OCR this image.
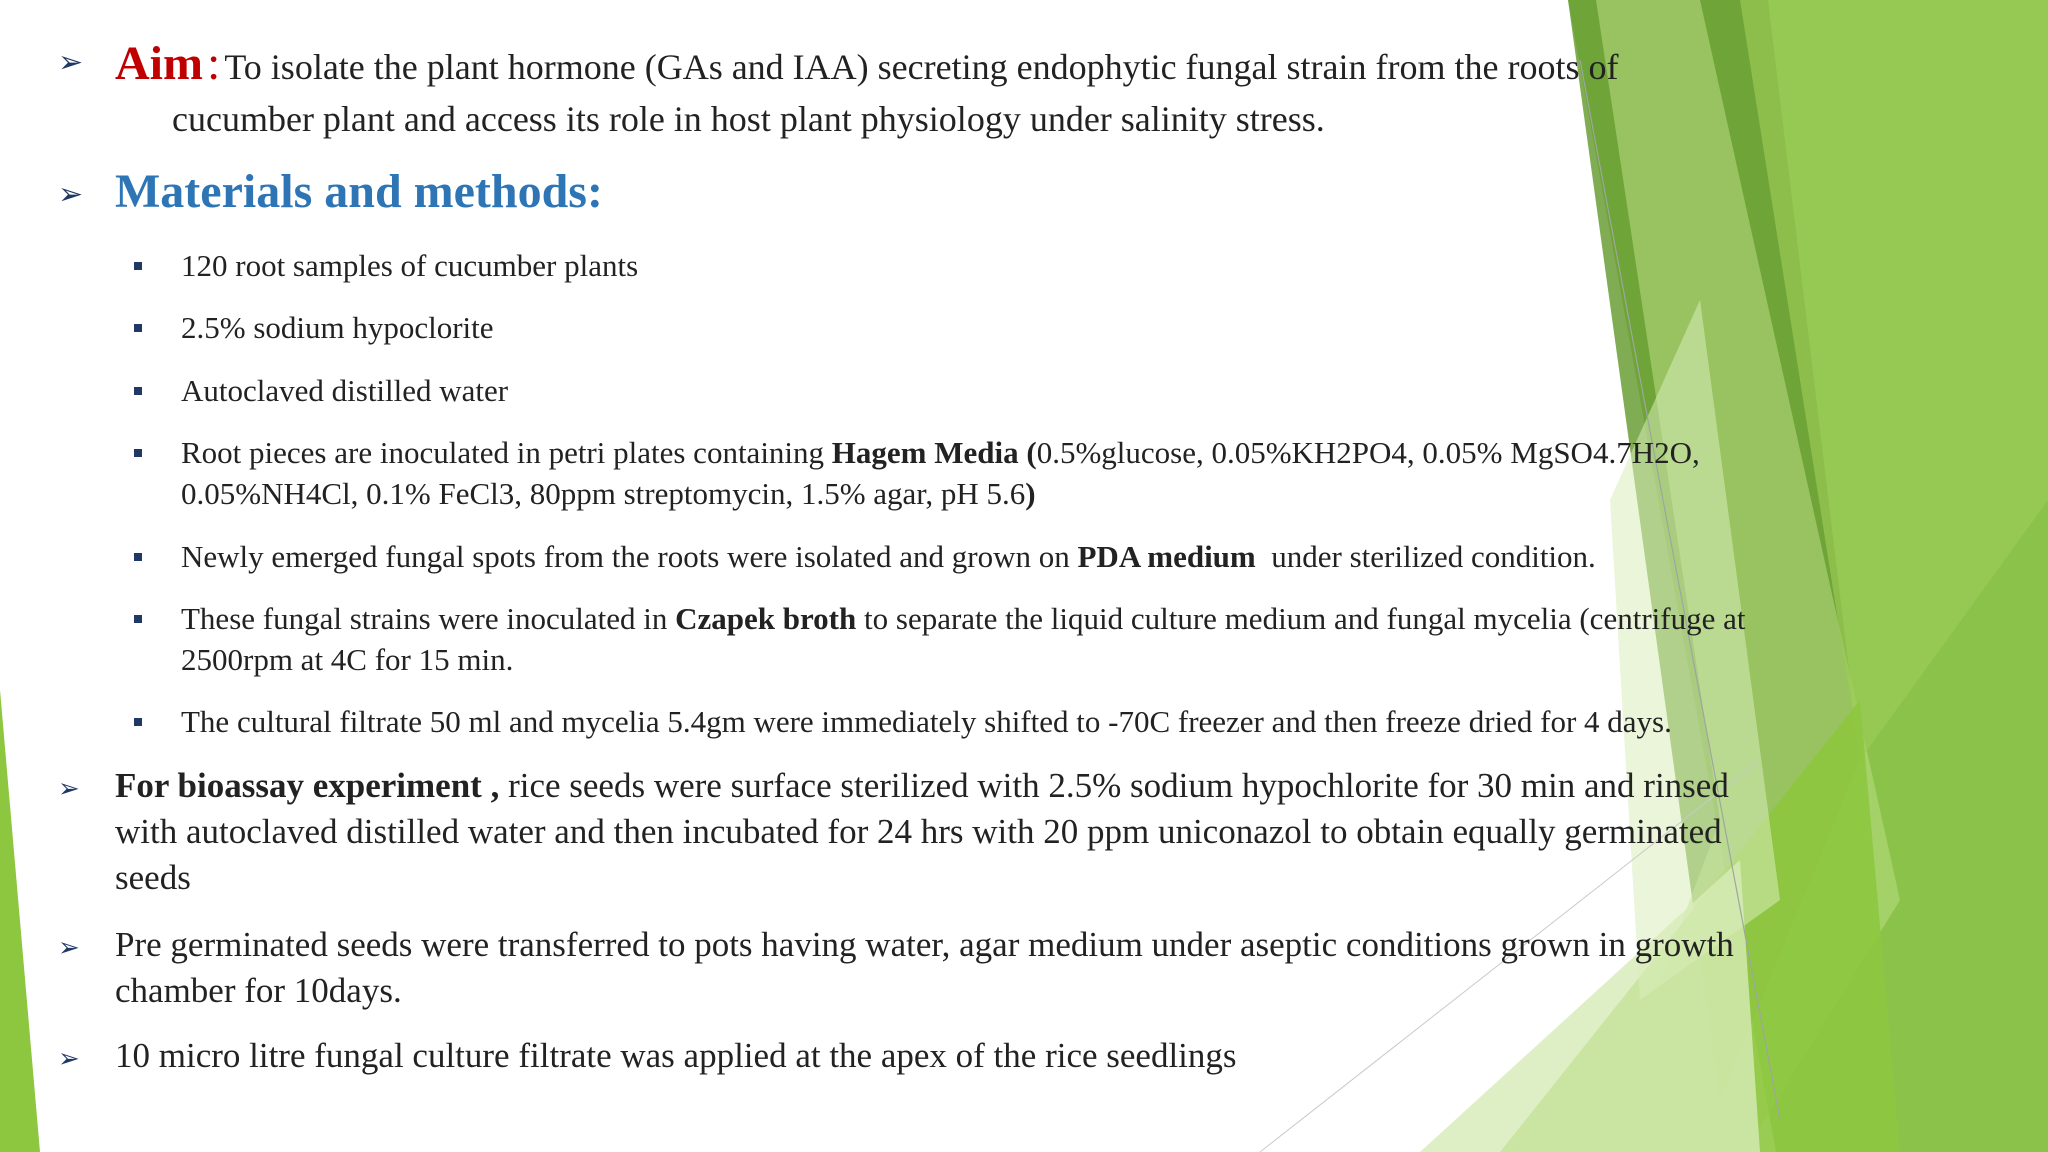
➢ Aim : To isolate the plant hormone (GAs and IAA) secreting endophytic fungal strain from the roots of
cucumber plant and access its role in host plant physiology under salinity stress.
➢ Materials and methods:
120 root samples of cucumber plants
2.5% sodium hypoclorite
Autoclaved distilled water
Root pieces are inoculated in petri plates containing Hagem Media (0.5%glucose, 0.05%KH2PO4, 0.05% MgSO4.7H2O,
0.05%NH4Cl, 0.1% FeCl3, 80ppm streptomycin, 1.5% agar, pH 5.6)
Newly emerged fungal spots from the roots were isolated and grown on PDA medium  under sterilized condition.
These fungal strains were inoculated in Czapek broth to separate the liquid culture medium and fungal mycelia (centrifuge at
2500rpm at 4C for 15 min.
The cultural filtrate 50 ml and mycelia 5.4gm were immediately shifted to -70C freezer and then freeze dried for 4 days.
➢ For bioassay experiment , rice seeds were surface sterilized with 2.5% sodium hypochlorite for 30 min and rinsed
with autoclaved distilled water and then incubated for 24 hrs with 20 ppm uniconazol to obtain equally germinated
seeds
➢ Pre germinated seeds were transferred to pots having water, agar medium under aseptic conditions grown in growth
chamber for 10days.
➢ 10 micro litre fungal culture filtrate was applied at the apex of the rice seedlings
